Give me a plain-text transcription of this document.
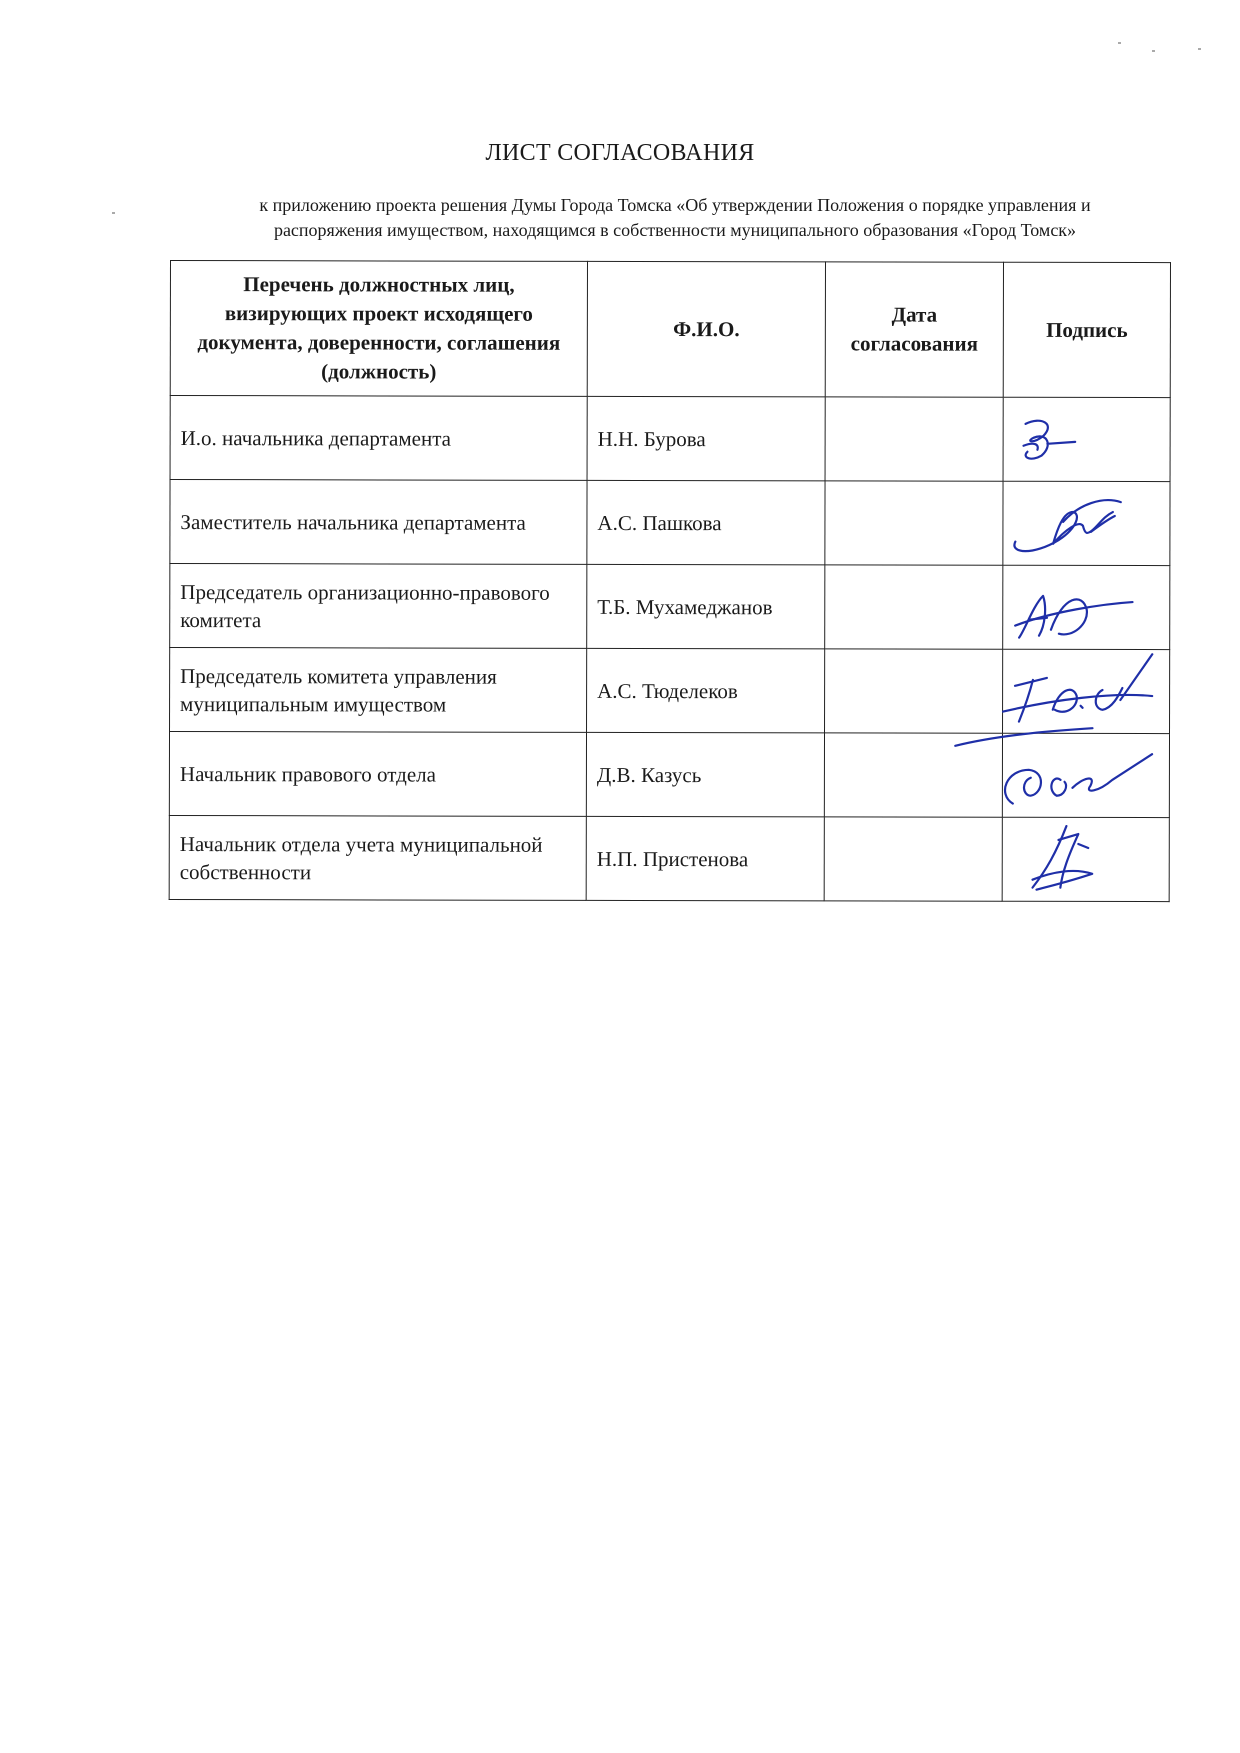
ЛИСТ СОГЛАСОВАНИЯ
к приложению проекта решения Думы Города Томска «Об утверждении Положения о порядке управления и
распоряжения имуществом, находящимся в собственности муниципального образования «Город Томск»
Перечень должностных лиц, визирующих проект исходящего документа, доверенности, соглашения (должность)	Ф.И.О.	Дата согласования	Подпись
И.о. начальника департамента	Н.Н. Бурова		

Заместитель начальника департамента	А.С. Пашкова		

Председатель организационно-правового комитета	Т.Б. Мухамеджанов		

Председатель комитета управления муниципальным имуществом	А.С. Тюделеков		

Начальник правового отдела	Д.В. Казусь		

Начальник отдела учета муниципальной собственности	Н.П. Пристенова		
